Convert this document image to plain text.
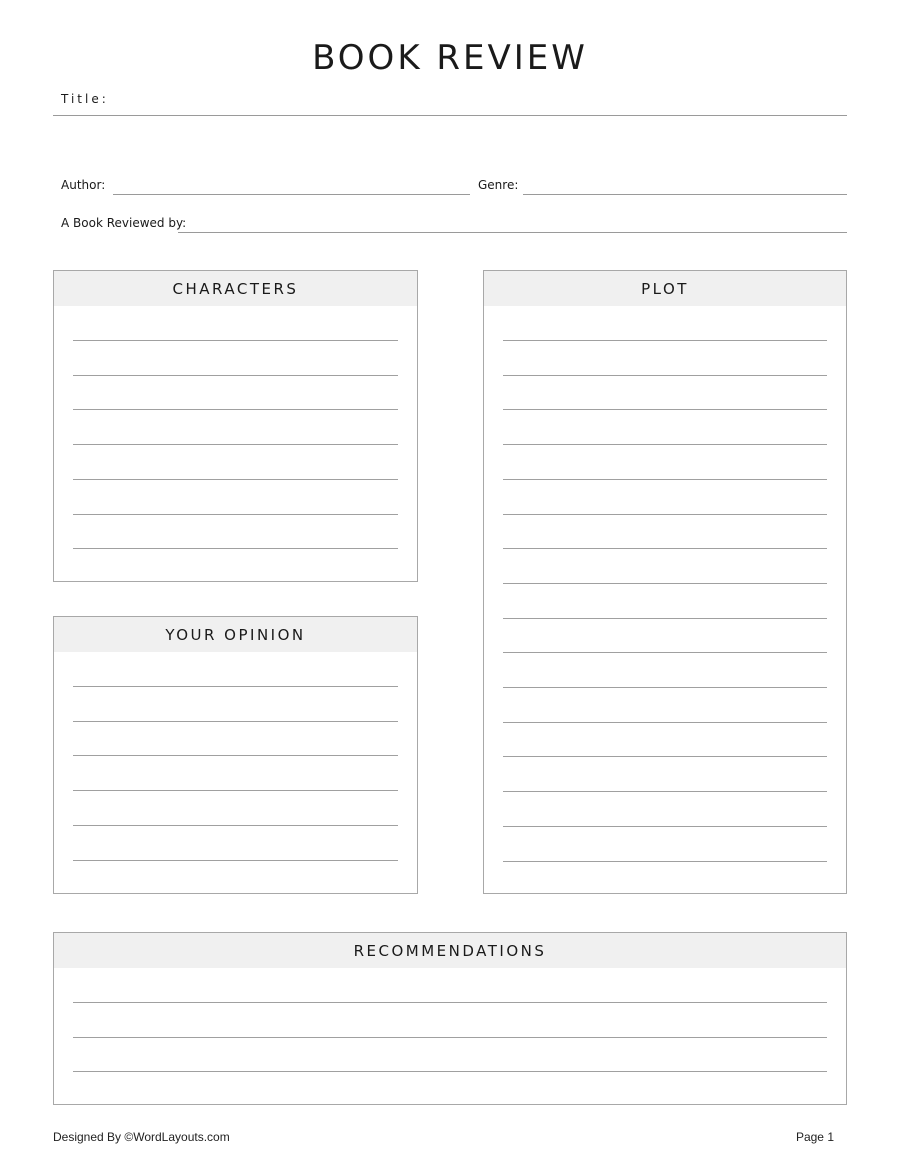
BOOK REVIEW
Title:
Author:	Genre:
A Book Reviewed by:
CHARACTERS
YOUR OPINION
PLOT
RECOMMENDATIONS
Designed By ©WordLayouts.com	Page 1
